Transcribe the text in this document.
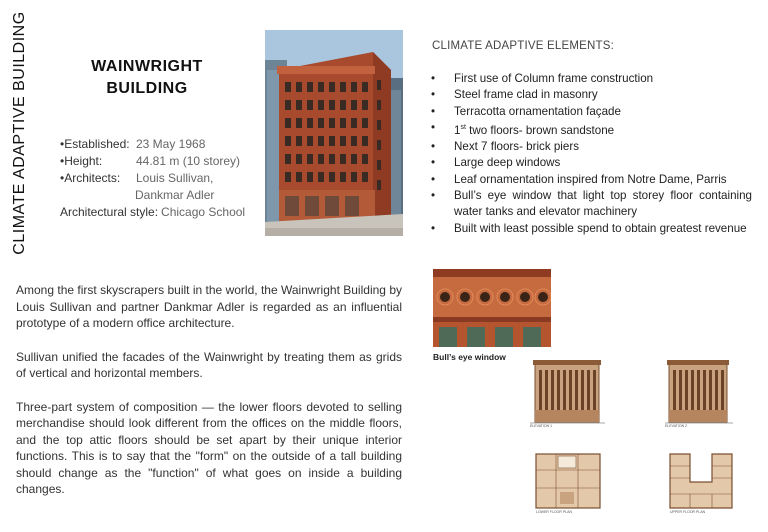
CLIMATE ADAPTIVE BUILDING	WAINWRIGHT
BUILDING
•Established: 23 May 1968
•Height:	44.81 m (10 storey)
•Architects:	Louis Sullivan,
Dankmar Adler
Architectural style: Chicago School
CLIMATE ADAPTIVE ELEMENTS:
• First use of Column frame construction
• Steel frame clad in masonry
• Terracotta ornamentation façade
• 1st two floors- brown sandstone
• Next 7 floors- brick piers
• Large deep windows
• Leaf ornamentation inspired from Notre Dame, Parris
• Bull’s eye window that light top storey floor containing water tanks and elevator machinery
• Built with least possible spend to obtain greatest revenue

Among the first skyscrapers built in the world, the Wainwright Building by Louis Sullivan and partner Dankmar Adler is regarded as an influential prototype of a modern office architecture.

Sullivan unified the facades of the Wainwright by treating them as grids of vertical and horizontal members.

Three-part system of composition — the lower floors devoted to selling merchandise should look different from the offices on the middle floors, and the top attic floors should be set apart by their unique interior functions. This is to say that the "form" on the outside of a tall building should change as the "function" of what goes on inside a building changes.

Bull’s eye window
ELEVATION 1	ELEVATION 2
LOWER FLOOR PLAN	UPPER FLOOR PLAN
